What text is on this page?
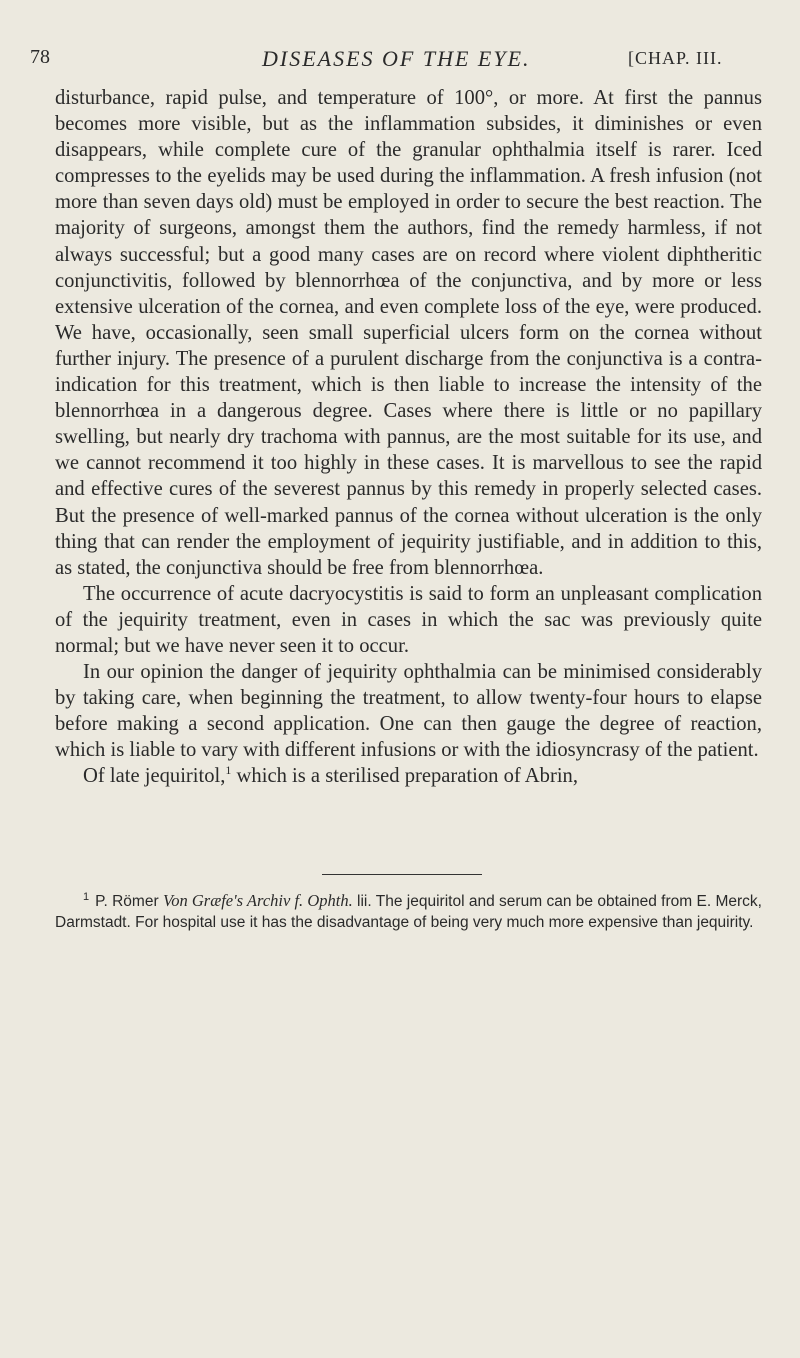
78	DISEASES OF THE EYE.	[CHAP. III.

disturbance, rapid pulse, and temperature of 100°, or more. At first the pannus becomes more visible, but as the inflammation subsides, it diminishes or even disappears, while complete cure of the granular ophthalmia itself is rarer. Iced compresses to the eyelids may be used during the inflammation. A fresh infusion (not more than seven days old) must be employed in order to secure the best reaction. The majority of surgeons, amongst them the authors, find the remedy harmless, if not always successful; but a good many cases are on record where violent diphtheritic conjunctivitis, followed by blennorrhœa of the conjunctiva, and by more or less extensive ulceration of the cornea, and even complete loss of the eye, were produced. We have, occasionally, seen small superficial ulcers form on the cornea without further injury. The presence of a purulent discharge from the conjunctiva is a contra-indication for this treatment, which is then liable to increase the intensity of the blennorrhœa in a dangerous degree. Cases where there is little or no papillary swelling, but nearly dry trachoma with pannus, are the most suitable for its use, and we cannot recommend it too highly in these cases. It is marvellous to see the rapid and effective cures of the severest pannus by this remedy in properly selected cases. But the presence of well-marked pannus of the cornea without ulceration is the only thing that can render the employment of jequirity justifiable, and in addition to this, as stated, the conjunctiva should be free from blennorrhœa.

The occurrence of acute dacryocystitis is said to form an unpleasant complication of the jequirity treatment, even in cases in which the sac was previously quite normal; but we have never seen it to occur.

In our opinion the danger of jequirity ophthalmia can be minimised considerably by taking care, when beginning the treatment, to allow twenty-four hours to elapse before making a second application. One can then gauge the degree of reaction, which is liable to vary with different infusions or with the idiosyncrasy of the patient.

Of late jequiritol,$^1$ which is a sterilised preparation of Abrin,

$^1$ P. Römer Von Græfe's Archiv f. Ophth. lii. The jequiritol and serum can be obtained from E. Merck, Darmstadt. For hospital use it has the disadvantage of being very much more expensive than jequirity.
